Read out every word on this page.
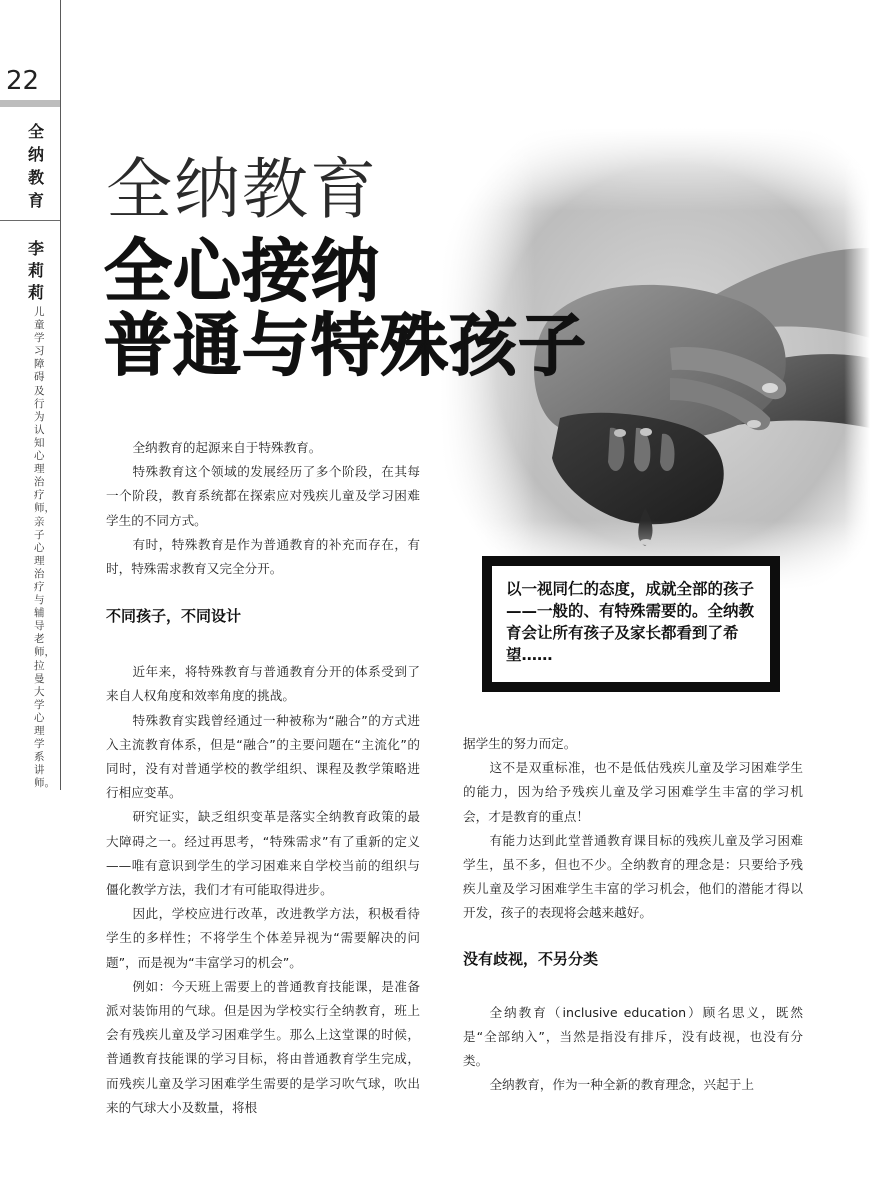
22
全纳教育
李莉莉
儿童学习障碍及行为认知心理治疗师，亲子心理治疗与辅导老师，拉曼大学心理学系讲师。
全纳教育
全心接纳
普通与特殊孩子

全纳教育的起源来自于特殊教育。

特殊教育这个领域的发展经历了多个阶段，在其每一个阶段，教育系统都在探索应对残疾儿童及学习困难学生的不同方式。

有时，特殊教育是作为普通教育的补充而存在，有时，特殊需求教育又完全分开。

不同孩子，不同设计

近年来，将特殊教育与普通教育分开的体系受到了来自人权角度和效率角度的挑战。

特殊教育实践曾经通过一种被称为“融合”的方式进入主流教育体系，但是“融合”的主要问题在“主流化”的同时，没有对普通学校的教学组织、课程及教学策略进行相应变革。

研究证实，缺乏组织变革是落实全纳教育政策的最大障碍之一。经过再思考，“特殊需求”有了重新的定义——唯有意识到学生的学习困难来自学校当前的组织与僵化教学方法，我们才有可能取得进步。

因此，学校应进行改革，改进教学方法，积极看待学生的多样性；不将学生个体差异视为“需要解决的问题”，而是视为“丰富学习的机会”。

例如：今天班上需要上的普通教育技能课，是准备派对装饰用的气球。但是因为学校实行全纳教育，班上会有残疾儿童及学习困难学生。那么上这堂课的时候，普通教育技能课的学习目标，将由普通教育学生完成，而残疾儿童及学习困难学生需要的是学习吹气球，吹出来的气球大小及数量，将根

以一视同仁的态度，成就全部的孩子——一般的、有特殊需要的。全纳教育会让所有孩子及家长都看到了希望……

据学生的努力而定。

这不是双重标准，也不是低估残疾儿童及学习困难学生的能力，因为给予残疾儿童及学习困难学生丰富的学习机会，才是教育的重点！

有能力达到此堂普通教育课目标的残疾儿童及学习困难学生，虽不多，但也不少。全纳教育的理念是：只要给予残疾儿童及学习困难学生丰富的学习机会，他们的潜能才得以开发，孩子的表现将会越来越好。

没有歧视，不另分类

全纳教育（inclusive education）顾名思义，既然是“全部纳入”，当然是指没有排斥，没有歧视，也没有分类。

全纳教育，作为一种全新的教育理念，兴起于上
